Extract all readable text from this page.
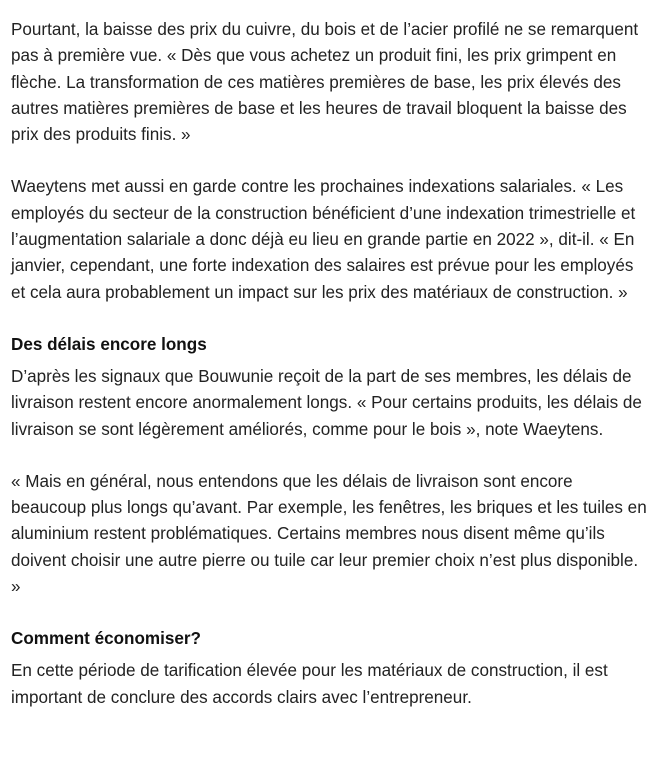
Pourtant, la baisse des prix du cuivre, du bois et de l’acier profilé ne se remarquent pas à première vue. « Dès que vous achetez un produit fini, les prix grimpent en flèche. La transformation de ces matières premières de base, les prix élevés des autres matières premières de base et les heures de travail bloquent la baisse des prix des produits finis. »

Waeytens met aussi en garde contre les prochaines indexations salariales. « Les employés du secteur de la construction bénéficient d’une indexation trimestrielle et l’augmentation salariale a donc déjà eu lieu en grande partie en 2022 », dit-il. « En janvier, cependant, une forte indexation des salaires est prévue pour les employés et cela aura probablement un impact sur les prix des matériaux de construction. »

Des délais encore longs

D’après les signaux que Bouwunie reçoit de la part de ses membres, les délais de livraison restent encore anormalement longs. « Pour certains produits, les délais de livraison se sont légèrement améliorés, comme pour le bois », note Waeytens.

« Mais en général, nous entendons que les délais de livraison sont encore beaucoup plus longs qu’avant. Par exemple, les fenêtres, les briques et les tuiles en aluminium restent problématiques. Certains membres nous disent même qu’ils doivent choisir une autre pierre ou tuile car leur premier choix n’est plus disponible. »

Comment économiser?

En cette période de tarification élevée pour les matériaux de construction, il est important de conclure des accords clairs avec l’entrepreneur.
